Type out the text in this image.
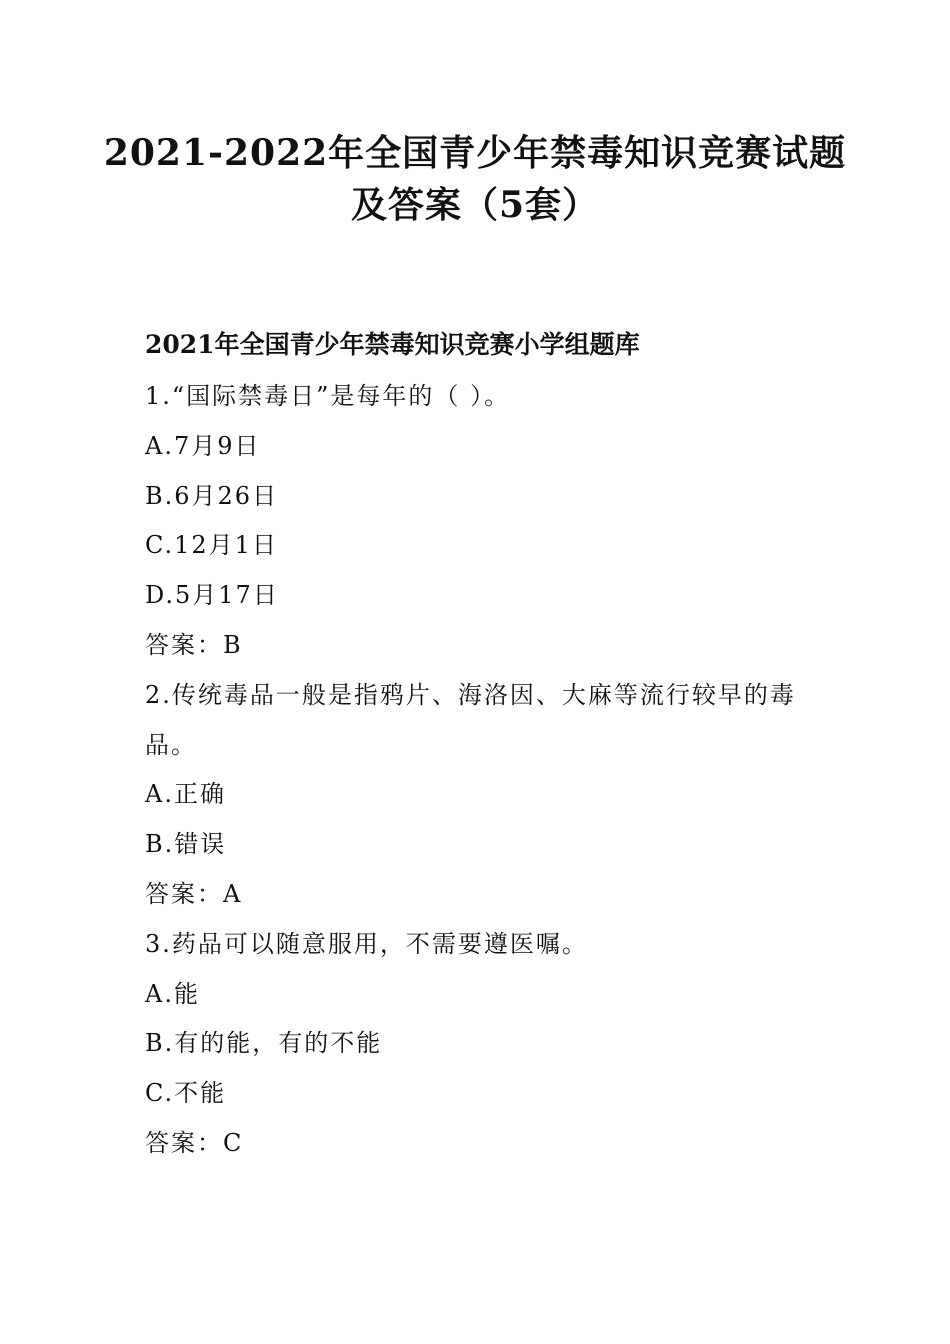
2021-2022年全国青少年禁毒知识竞赛试题
及答案（5套）
2021年全国青少年禁毒知识竞赛小学组题库
1.“国际禁毒日”是每年的（ ）。
A.7月9日
B.6月26日
C.12月1日
D.5月17日
答案：B
2.传统毒品一般是指鸦片、海洛因、大麻等流行较早的毒
品。
A.正确
B.错误
答案：A
3.药品可以随意服用，不需要遵医嘱。
A.能
B.有的能，有的不能
C.不能
答案：C
